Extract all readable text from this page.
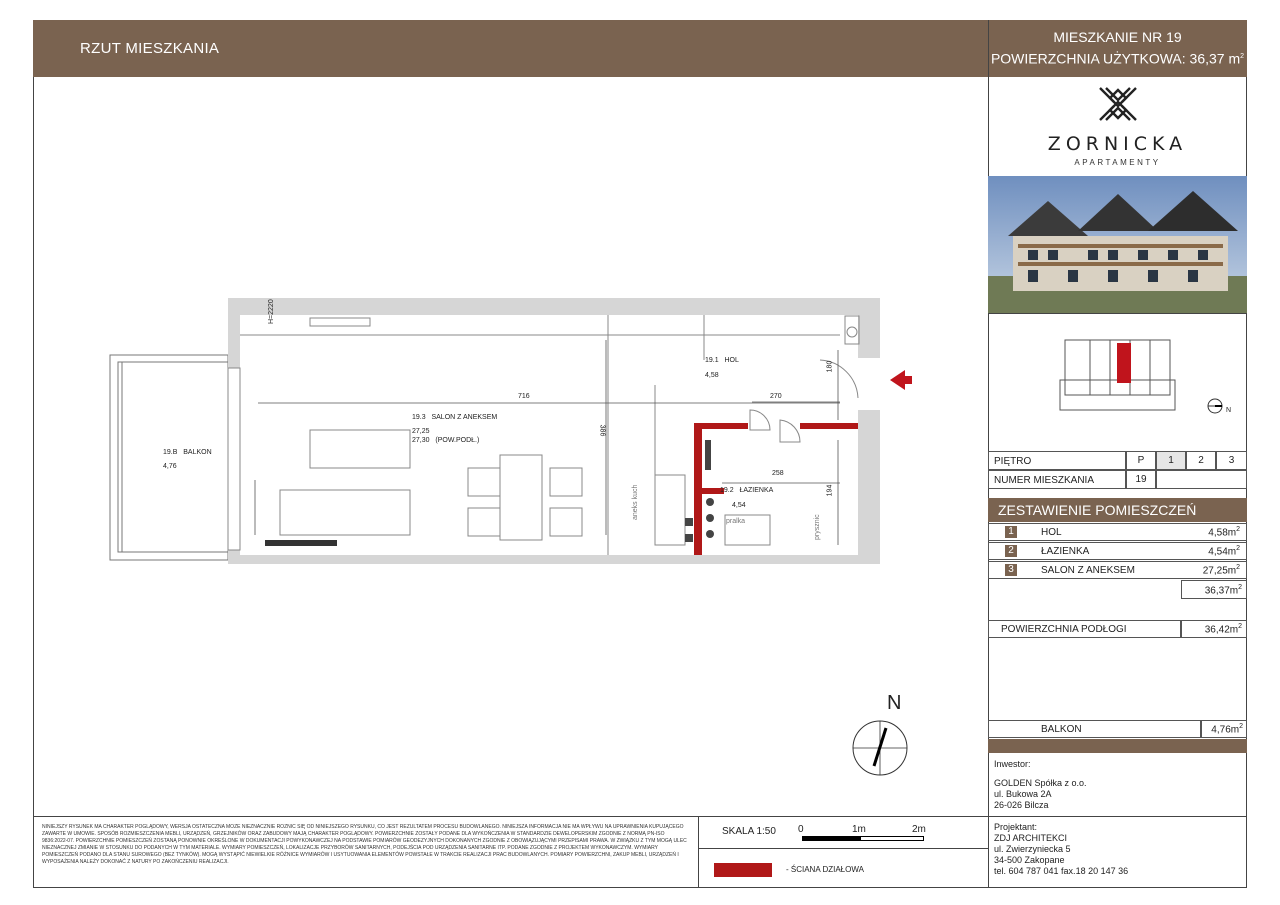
RZUT MIESZKANIA
MIESZKANIE NR 19
POWIERZCHNIA UŻYTKOWA: 36,37 $m^2$
ZORNICKA
APARTAMENTY
N
PIĘTRO	P	1	2	3
NUMER MIESZKANIA	19
ZESTAWIENIE POMIESZCZEŃ
1	HOL	$4,58m^2$
2	ŁAZIENKA	$4,54m^2$
3	SALON Z ANEKSEM	$27,25m^2$
$36,37m^2$
POWIERZCHNIA PODŁOGI	$36,42m^2$
BALKON	$4,76m^2$
Inwestor:
GOLDEN Spółka z o.o.
ul. Bukowa 2A
26-026 Bilcza
NINIEJSZY RYSUNEK MA CHARAKTER POGLĄDOWY, WERSJA OSTATECZNA MOŻE NIEZNACZNIE RÓŻNIĆ SIĘ OD NINIEJSZEGO RYSUNKU, CO JEST REZULTATEM PROCESU BUDOWLANEGO. NINIEJSZA INFORMACJA NIE MA WPŁYWU NA UPRAWNIENIA KUPUJĄCEGO ZAWARTE W UMOWIE. SPOSÓB ROZMIESZCZENIA MEBLI, URZĄDZEŃ, GRZEJNIKÓW ORAZ ZABUDOWY MAJĄ CHARAKTER POGLĄDOWY. POWIERZCHNIE ZOSTAŁY PODANE DLA WYKOŃCZENIA W STANDARDZIE DEWELOPERSKIM ZGODNIE Z NORMĄ PN-ISO 9836:2022-07. POWIERZCHNIE POMIESZCZEŃ ZOSTANĄ PONOWNIE OKREŚLONE W DOKUMENTACJI POWYKONAWCZEJ NA PODSTAWIE POMIARÓW GEODEZYJNYCH DOKONANYCH ZGODNIE Z OBOWIĄZUJĄCYMI PRZEPISAMI PRAWA. W ZWIĄZKU Z TYM MOGĄ ULEC NIEZNACZNEJ ZMIANIE W STOSUNKU DO PODANYCH W TYM MATERIALE. WYMIARY POMIESZCZEŃ, LOKALIZACJE PRZYBORÓW SANITARNYCH, PODEJŚCIA POD URZĄDZENIA SANITARNE ITP. PODANE ZGODNIE Z PROJEKTEM WYKONAWCZYM. WYMIARY POMIESZCZEŃ PODANO DLA STANU SUROWEGO (BEZ TYNKÓW). MOGĄ WYSTĄPIĆ NIEWIELKIE RÓŻNICE WYMIARÓW I USYTUOWANIA ELEMENTÓW POWSTAŁE W TRAKCIE REALIZACJI PRAC BUDOWLANYCH. POMIARY POWIERZCHNI, ZAKUP MEBLI, URZĄDZEŃ I WYPOSAŻENIA NALEŻY DOKONAĆ Z NATURY PO ZAKOŃCZENIU REALIZACJI.
SKALA 1:50 0	1m	2m
- ŚCIANA DZIAŁOWA
Projektant:
ZDJ ARCHITEKCI
ul. Zwierzyniecka 5
34-500 Zakopane
tel. 604 787 041 fax.18 20 147 36
19.1 HOL
4,58
19.2 ŁAZIENKA
4,54
19.3 SALON Z ANEKSEM
27,25
27,30 (POW.PODŁ.)
19.B BALKON
4,76
716	270
258
386
194
180
H=2220
aneks kuch
pralka	prysznic
N
